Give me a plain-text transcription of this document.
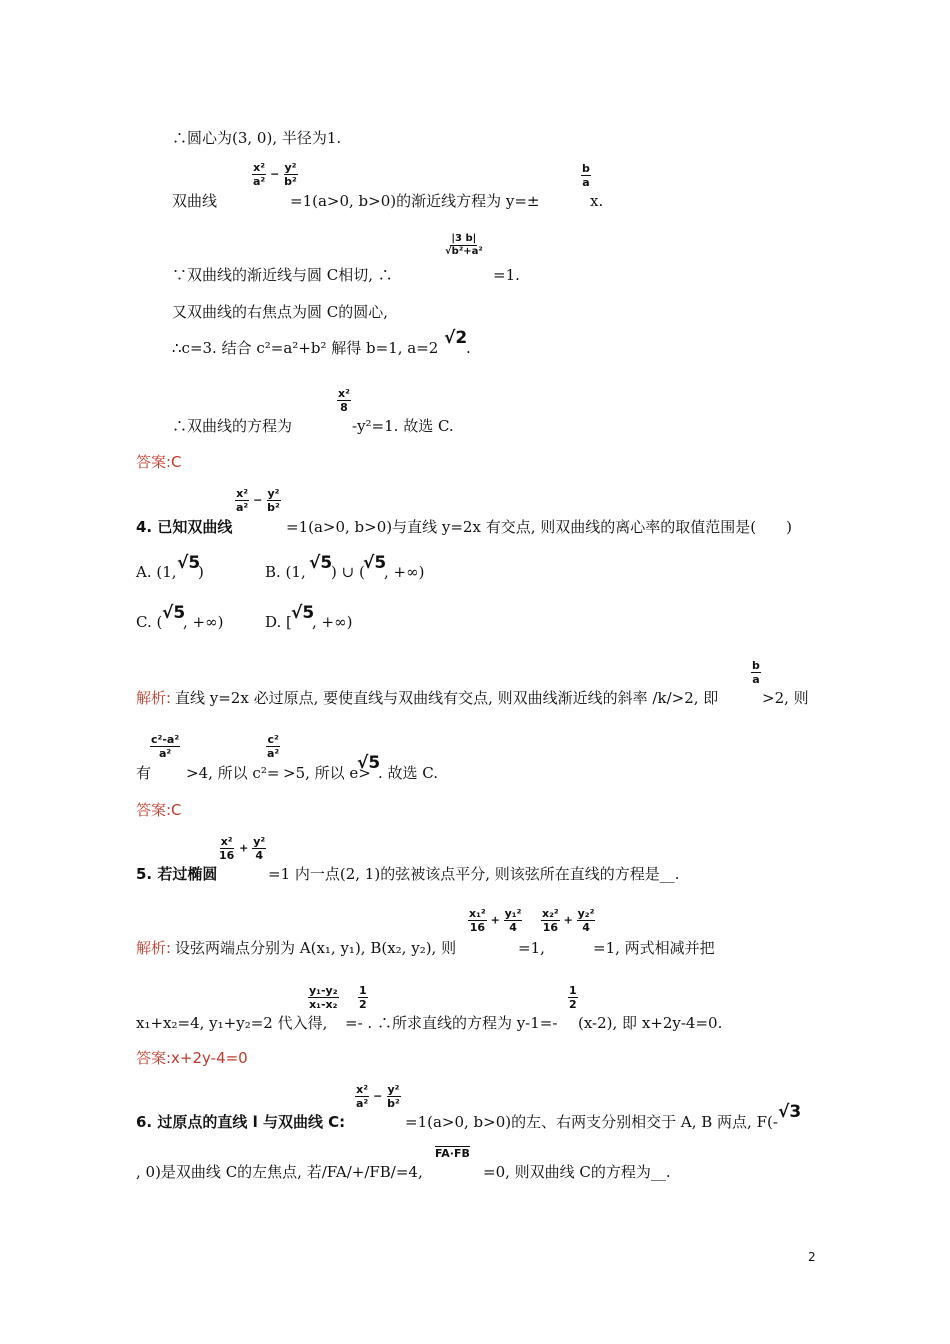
∴圆心为(3, 0), 半径为1.
双曲线
$\frac{\text{x²}}{\text{a²}} - \frac{\text{y²}}{\text{b²}}$
=1(a>0, b>0)的渐近线方程为 y=±
$\frac{b}{a}$
x.
∵双曲线的渐近线与圆 C相切, ∴
$\frac{|3 b|}{\text{√b²+a²}}$
=1.
又双曲线的右焦点为圆 C的圆心,
∴c=3. 结合 c²=a²+b² 解得 b=1, a=2 √2
.
∴双曲线的方程为
$\frac{\text{x²}}{8}$
-y²=1. 故选 C.
答案:C
4. 已知双曲线
$\frac{\text{x²}}{\text{a²}} - \frac{\text{y²}}{\text{b²}}$
=1(a>0, b>0)与直线 y=2x 有交点, 则双曲线的离心率的取值范围是(　　)
A. (1, √5
)	B. (1, √5
) ∪ (
√5
, +∞)
C. ( √5
, +∞)	D. [ √5
, +∞)
解析: 直线 y=2x 必过原点, 要使直线与双曲线有交点, 则双曲线渐近线的斜率 /k/>2, 即
$\frac{b}{a}$
>2, 则
有
$\frac{\text{c²-a²}}{\text{a²}}$
>4, 所以 c²=
$\frac{\text{c²}}{\text{a²}}$
>5, 所以 e>
√5
. 故选 C.
答案:C
5. 若过椭圆
$\frac{\text{x²}}{16} + \frac{\text{y²}}{4}$
=1 内一点(2, 1)的弦被该点平分, 则该弦所在直线的方程是__.
解析: 设弦两端点分别为 A(x₁, y₁), B(x₂, y₂), 则
$\frac{\text{x₁²}}{16} + \frac{\text{y₁²}}{4}$
=1,
$\frac{\text{x₂²}}{16} + \frac{\text{y₂²}}{4}$
=1, 两式相减并把
x₁+x₂=4, y₁+y₂=2 代入得,
$\frac{\text{y₁-y₂}}{\text{x₁-x₂}} \frac{1}{2}$
=- . ∴所求直线的方程为 y-1=-
$\frac{1}{2}$
(x-2), 即 x+2y-4=0.
答案:x+2y-4=0
6. 过原点的直线 l 与双曲线 C:
$\frac{\text{x²}}{\text{a²}} - \frac{\text{y²}}{\text{b²}}$
=1(a>0, b>0)的左、右两支分别相交于 A, B 两点, F(- √3
, 0)是双曲线 C的左焦点, 若/FA/+/FB/=4,
FA·FB
=0, 则双曲线 C的方程为__.
2
